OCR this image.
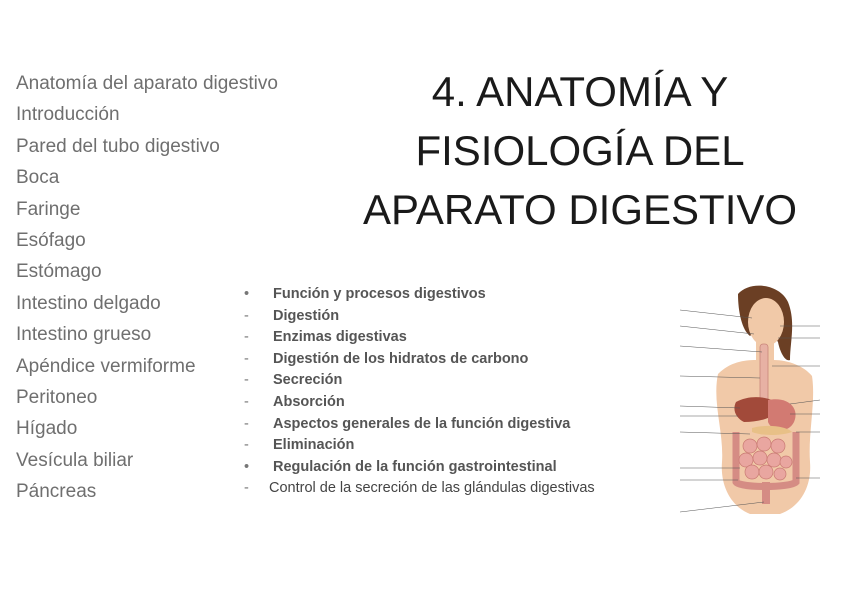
Anatomía del aparato digestivo
Introducción
Pared del tubo digestivo
Boca
Faringe
Esófago
Estómago
Intestino delgado
Intestino grueso
Apéndice vermiforme
Peritoneo
Hígado
Vesícula biliar
Páncreas
4. ANATOMÍA Y
FISIOLOGÍA DEL
APARATO DIGESTIVO
• Función y procesos digestivos
- Digestión
- Enzimas digestivas
- Digestión de los hidratos de carbono
- Secreción
- Absorción
- Aspectos generales de la función digestiva
- Eliminación
• Regulación de la función gastrointestinal
- Control de la secreción de las glándulas digestivas
